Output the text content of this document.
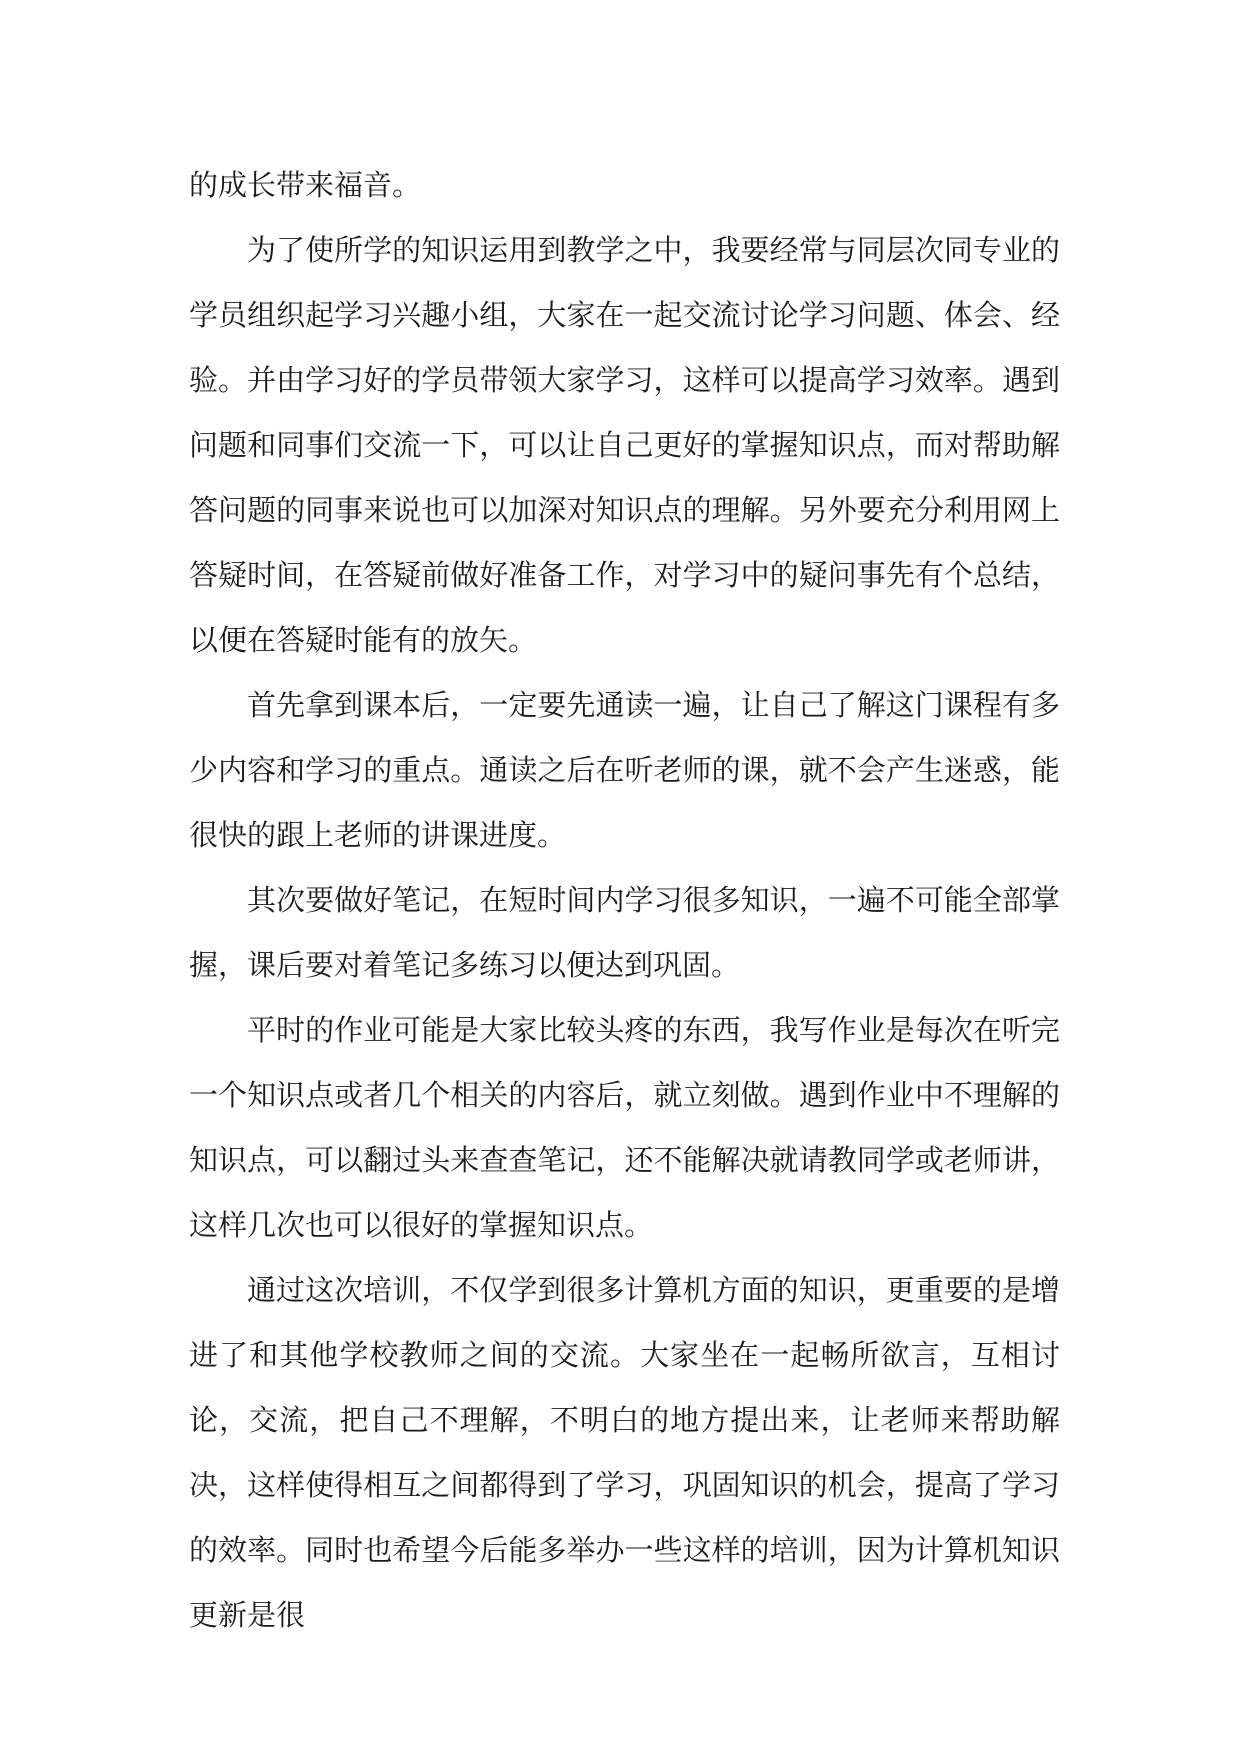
的成长带来福音。

为了使所学的知识运用到教学之中，我要经常与同层次同专业的学员组织起学习兴趣小组，大家在一起交流讨论学习问题、体会、经验。并由学习好的学员带领大家学习，这样可以提高学习效率。遇到问题和同事们交流一下，可以让自己更好的掌握知识点，而对帮助解答问题的同事来说也可以加深对知识点的理解。另外要充分利用网上答疑时间，在答疑前做好准备工作，对学习中的疑问事先有个总结，以便在答疑时能有的放矢。

首先拿到课本后，一定要先通读一遍，让自己了解这门课程有多少内容和学习的重点。通读之后在听老师的课，就不会产生迷惑，能很快的跟上老师的讲课进度。

其次要做好笔记，在短时间内学习很多知识，一遍不可能全部掌握，课后要对着笔记多练习以便达到巩固。

平时的作业可能是大家比较头疼的东西，我写作业是每次在听完一个知识点或者几个相关的内容后，就立刻做。遇到作业中不理解的知识点，可以翻过头来查查笔记，还不能解决就请教同学或老师讲，这样几次也可以很好的掌握知识点。

通过这次培训，不仅学到很多计算机方面的知识，更重要的是增进了和其他学校教师之间的交流。大家坐在一起畅所欲言，互相讨论，交流，把自己不理解，不明白的地方提出来，让老师来帮助解决，这样使得相互之间都得到了学习，巩固知识的机会，提高了学习的效率。同时也希望今后能多举办一些这样的培训，因为计算机知识更新是很
